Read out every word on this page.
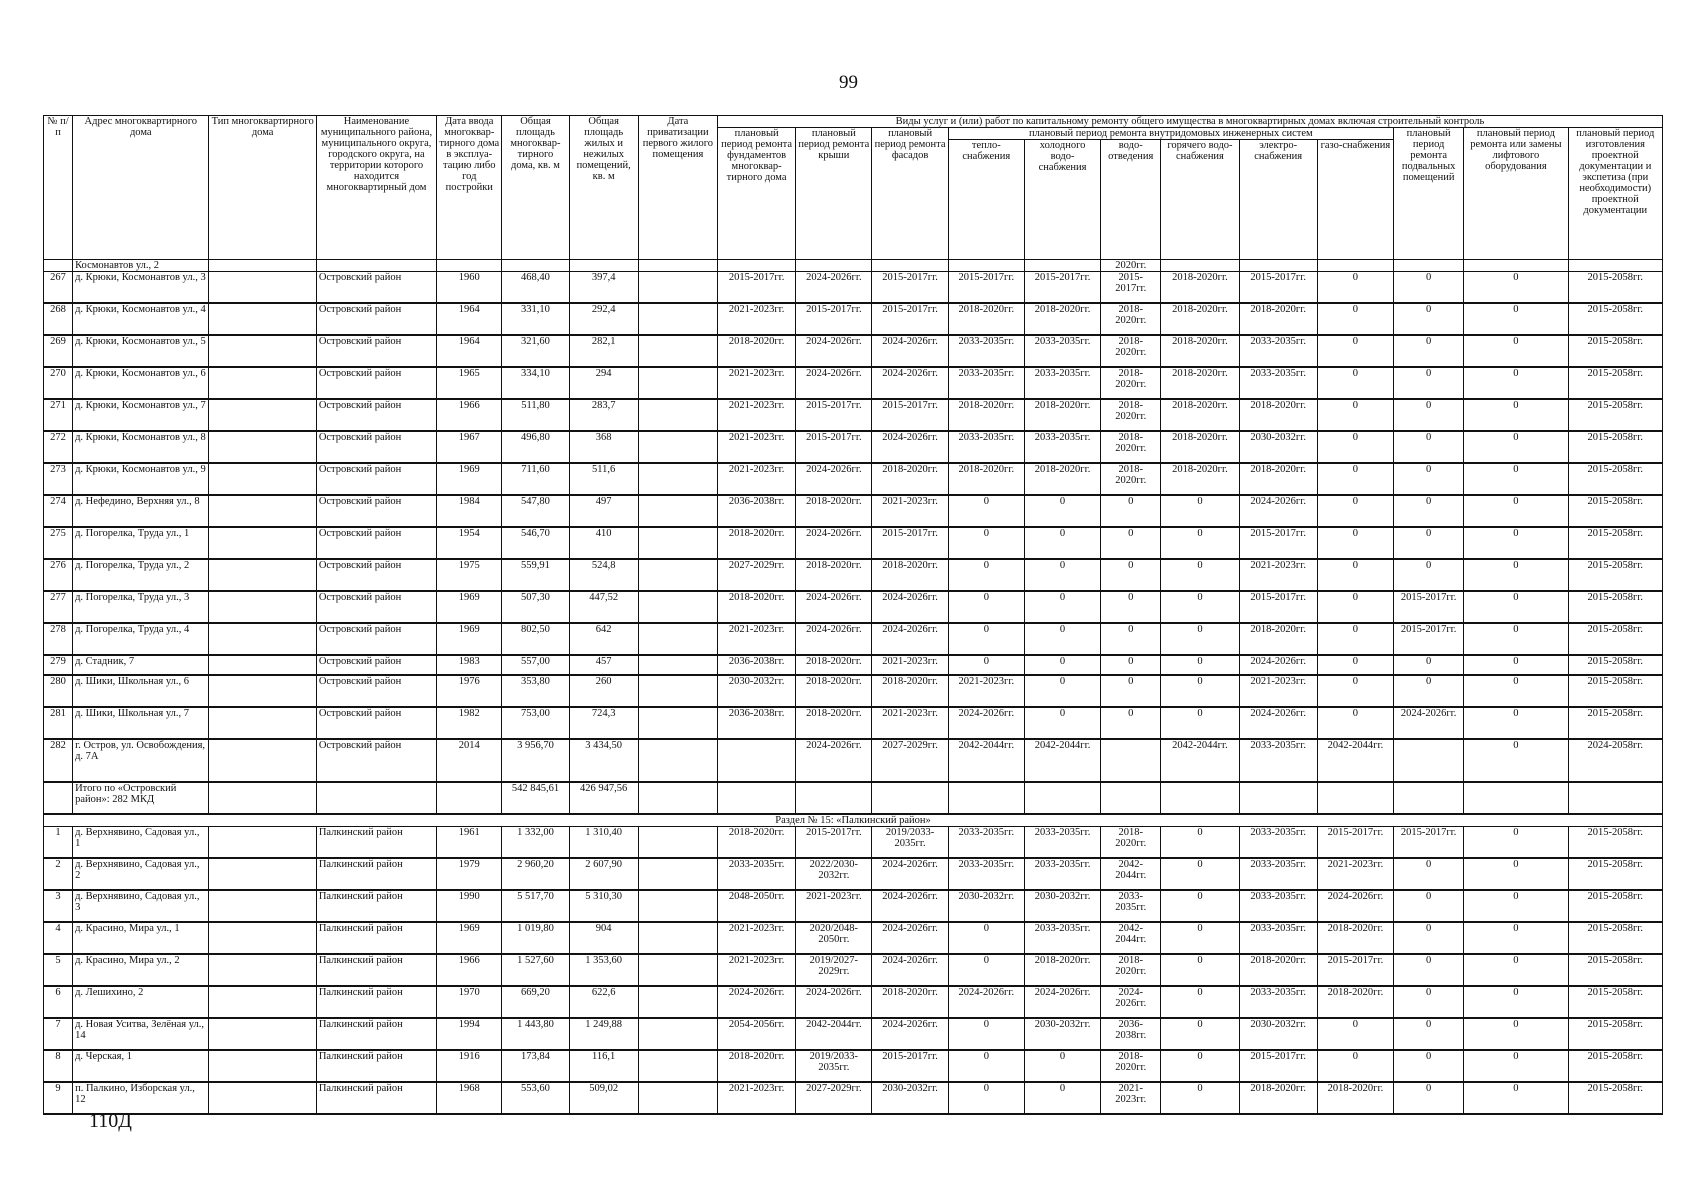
99
№ п/п	Адрес многоквартирного дома	Тип многоквартирного дома	Наименование муниципального района, муниципального округа, городского округа, на территории которого находится многоквартирный дом	Дата ввода многоквар-тирного дома в эксплуа-тацию либо год постройки	Общая площадь многоквар-тирного дома, кв. м	Общая площадь жилых и нежилых помещений, кв. м	Дата приватизации первого жилого помещения	Виды услуг и (или) работ по капитальному ремонту общего имущества в многоквартирных домах включая строительный контроль											
								плановый период ремонта фундаментов многоквар-тирного дома	плановый период ремонта крыши	плановый период ремонта фасадов	плановый период ремонта внутридомовых инженерных систем						плановый период ремонта подвальных помещений	плановый период ремонта или замены лифтового оборудования	плановый период изготовления проектной документации и экспетиза (при необходимости) проектной документации
											тепло-снабжения	холодного водо-снабжения	водо-отведения	горячего водо-снабжения	электро-снабжения	газо-снабжения			
	Космонавтов ул., 2												2020гг.						
267	д. Крюки, Космонавтов ул., 3		Островский район	1960	468,40	397,4		2015-2017гг.	2024-2026гг.	2015-2017гг.	2015-2017гг.	2015-2017гг.	2015-2017гг.	2018-2020гг.	2015-2017гг.	0	0	0	2015-2058гг.
268	д. Крюки, Космонавтов ул., 4		Островский район	1964	331,10	292,4		2021-2023гг.	2015-2017гг.	2015-2017гг.	2018-2020гг.	2018-2020гг.	2018-2020гг.	2018-2020гг.	2018-2020гг.	0	0	0	2015-2058гг.
269	д. Крюки, Космонавтов ул., 5		Островский район	1964	321,60	282,1		2018-2020гг.	2024-2026гг.	2024-2026гг.	2033-2035гг.	2033-2035гг.	2018-2020гг.	2018-2020гг.	2033-2035гг.	0	0	0	2015-2058гг.
270	д. Крюки, Космонавтов ул., 6		Островский район	1965	334,10	294		2021-2023гг.	2024-2026гг.	2024-2026гг.	2033-2035гг.	2033-2035гг.	2018-2020гг.	2018-2020гг.	2033-2035гг.	0	0	0	2015-2058гг.
271	д. Крюки, Космонавтов ул., 7		Островский район	1966	511,80	283,7		2021-2023гг.	2015-2017гг.	2015-2017гг.	2018-2020гг.	2018-2020гг.	2018-2020гг.	2018-2020гг.	2018-2020гг.	0	0	0	2015-2058гг.
272	д. Крюки, Космонавтов ул., 8		Островский район	1967	496,80	368		2021-2023гг.	2015-2017гг.	2024-2026гг.	2033-2035гг.	2033-2035гг.	2018-2020гг.	2018-2020гг.	2030-2032гг.	0	0	0	2015-2058гг.
273	д. Крюки, Космонавтов ул., 9		Островский район	1969	711,60	511,6		2021-2023гг.	2024-2026гг.	2018-2020гг.	2018-2020гг.	2018-2020гг.	2018-2020гг.	2018-2020гг.	2018-2020гг.	0	0	0	2015-2058гг.
274	д. Нефедино, Верхняя ул., 8		Островский район	1984	547,80	497		2036-2038гг.	2018-2020гг.	2021-2023гг.	0	0	0	0	2024-2026гг.	0	0	0	2015-2058гг.
275	д. Погорелка, Труда ул., 1		Островский район	1954	546,70	410		2018-2020гг.	2024-2026гг.	2015-2017гг.	0	0	0	0	2015-2017гг.	0	0	0	2015-2058гг.
276	д. Погорелка, Труда ул., 2		Островский район	1975	559,91	524,8		2027-2029гг.	2018-2020гг.	2018-2020гг.	0	0	0	0	2021-2023гг.	0	0	0	2015-2058гг.
277	д. Погорелка, Труда ул., 3		Островский район	1969	507,30	447,52		2018-2020гг.	2024-2026гг.	2024-2026гг.	0	0	0	0	2015-2017гг.	0	2015-2017гг.	0	2015-2058гг.
278	д. Погорелка, Труда ул., 4		Островский район	1969	802,50	642		2021-2023гг.	2024-2026гг.	2024-2026гг.	0	0	0	0	2018-2020гг.	0	2015-2017гг.	0	2015-2058гг.
279	д. Стадник, 7		Островский район	1983	557,00	457		2036-2038гг.	2018-2020гг.	2021-2023гг.	0	0	0	0	2024-2026гг.	0	0	0	2015-2058гг.
280	д. Шики, Школьная ул., 6		Островский район	1976	353,80	260		2030-2032гг.	2018-2020гг.	2018-2020гг.	2021-2023гг.	0	0	0	2021-2023гг.	0	0	0	2015-2058гг.
281	д. Шики, Школьная ул., 7		Островский район	1982	753,00	724,3		2036-2038гг.	2018-2020гг.	2021-2023гг.	2024-2026гг.	0	0	0	2024-2026гг.	0	2024-2026гг.	0	2015-2058гг.
282	г. Остров, ул. Освобождения, д. 7А		Островский район	2014	3 956,70	3 434,50			2024-2026гг.	2027-2029гг.	2042-2044гг.	2042-2044гг.		2042-2044гг.	2033-2035гг.	2042-2044гг.		0	2024-2058гг.
	Итого по «Островский район»: 282 МКД				542 845,61	426 947,56													
Раздел № 15: «Палкинский район»																			
1	д. Верхнявино, Садовая ул., 1		Палкинский район	1961	1 332,00	1 310,40		2018-2020гг.	2015-2017гг.	2019/2033-2035гг.	2033-2035гг.	2033-2035гг.	2018-2020гг.	0	2033-2035гг.	2015-2017гг.	2015-2017гг.	0	2015-2058гг.
2	д. Верхнявино, Садовая ул., 2		Палкинский район	1979	2 960,20	2 607,90		2033-2035гг.	2022/2030-2032гг.	2024-2026гг.	2033-2035гг.	2033-2035гг.	2042-2044гг.	0	2033-2035гг.	2021-2023гг.	0	0	2015-2058гг.
3	д. Верхнявино, Садовая ул., 3		Палкинский район	1990	5 517,70	5 310,30		2048-2050гг.	2021-2023гг.	2024-2026гг.	2030-2032гг.	2030-2032гг.	2033-2035гг.	0	2033-2035гг.	2024-2026гг.	0	0	2015-2058гг.
4	д. Красино, Мира ул., 1		Палкинский район	1969	1 019,80	904		2021-2023гг.	2020/2048-2050гг.	2024-2026гг.	0	2033-2035гг.	2042-2044гг.	0	2033-2035гг.	2018-2020гг.	0	0	2015-2058гг.
5	д. Красино, Мира ул., 2		Палкинский район	1966	1 527,60	1 353,60		2021-2023гг.	2019/2027-2029гг.	2024-2026гг.	0	2018-2020гг.	2018-2020гг.	0	2018-2020гг.	2015-2017гг.	0	0	2015-2058гг.
6	д. Лешихино, 2		Палкинский район	1970	669,20	622,6		2024-2026гг.	2024-2026гг.	2018-2020гг.	2024-2026гг.	2024-2026гг.	2024-2026гг.	0	2033-2035гг.	2018-2020гг.	0	0	2015-2058гг.
7	д. Новая Уситва, Зелёная ул., 14		Палкинский район	1994	1 443,80	1 249,88		2054-2056гг.	2042-2044гг.	2024-2026гг.	0	2030-2032гг.	2036-2038гг.	0	2030-2032гг.	0	0	0	2015-2058гг.
8	д. Черская, 1		Палкинский район	1916	173,84	116,1		2018-2020гг.	2019/2033-2035гг.	2015-2017гг.	0	0	2018-2020гг.	0	2015-2017гг.	0	0	0	2015-2058гг.
9	п. Палкино, Изборская ул., 12		Палкинский район	1968	553,60	509,02		2021-2023гг.	2027-2029гг.	2030-2032гг.	0	0	2021-2023гг.	0	2018-2020гг.	2018-2020гг.	0	0	2015-2058гг.
110Д
